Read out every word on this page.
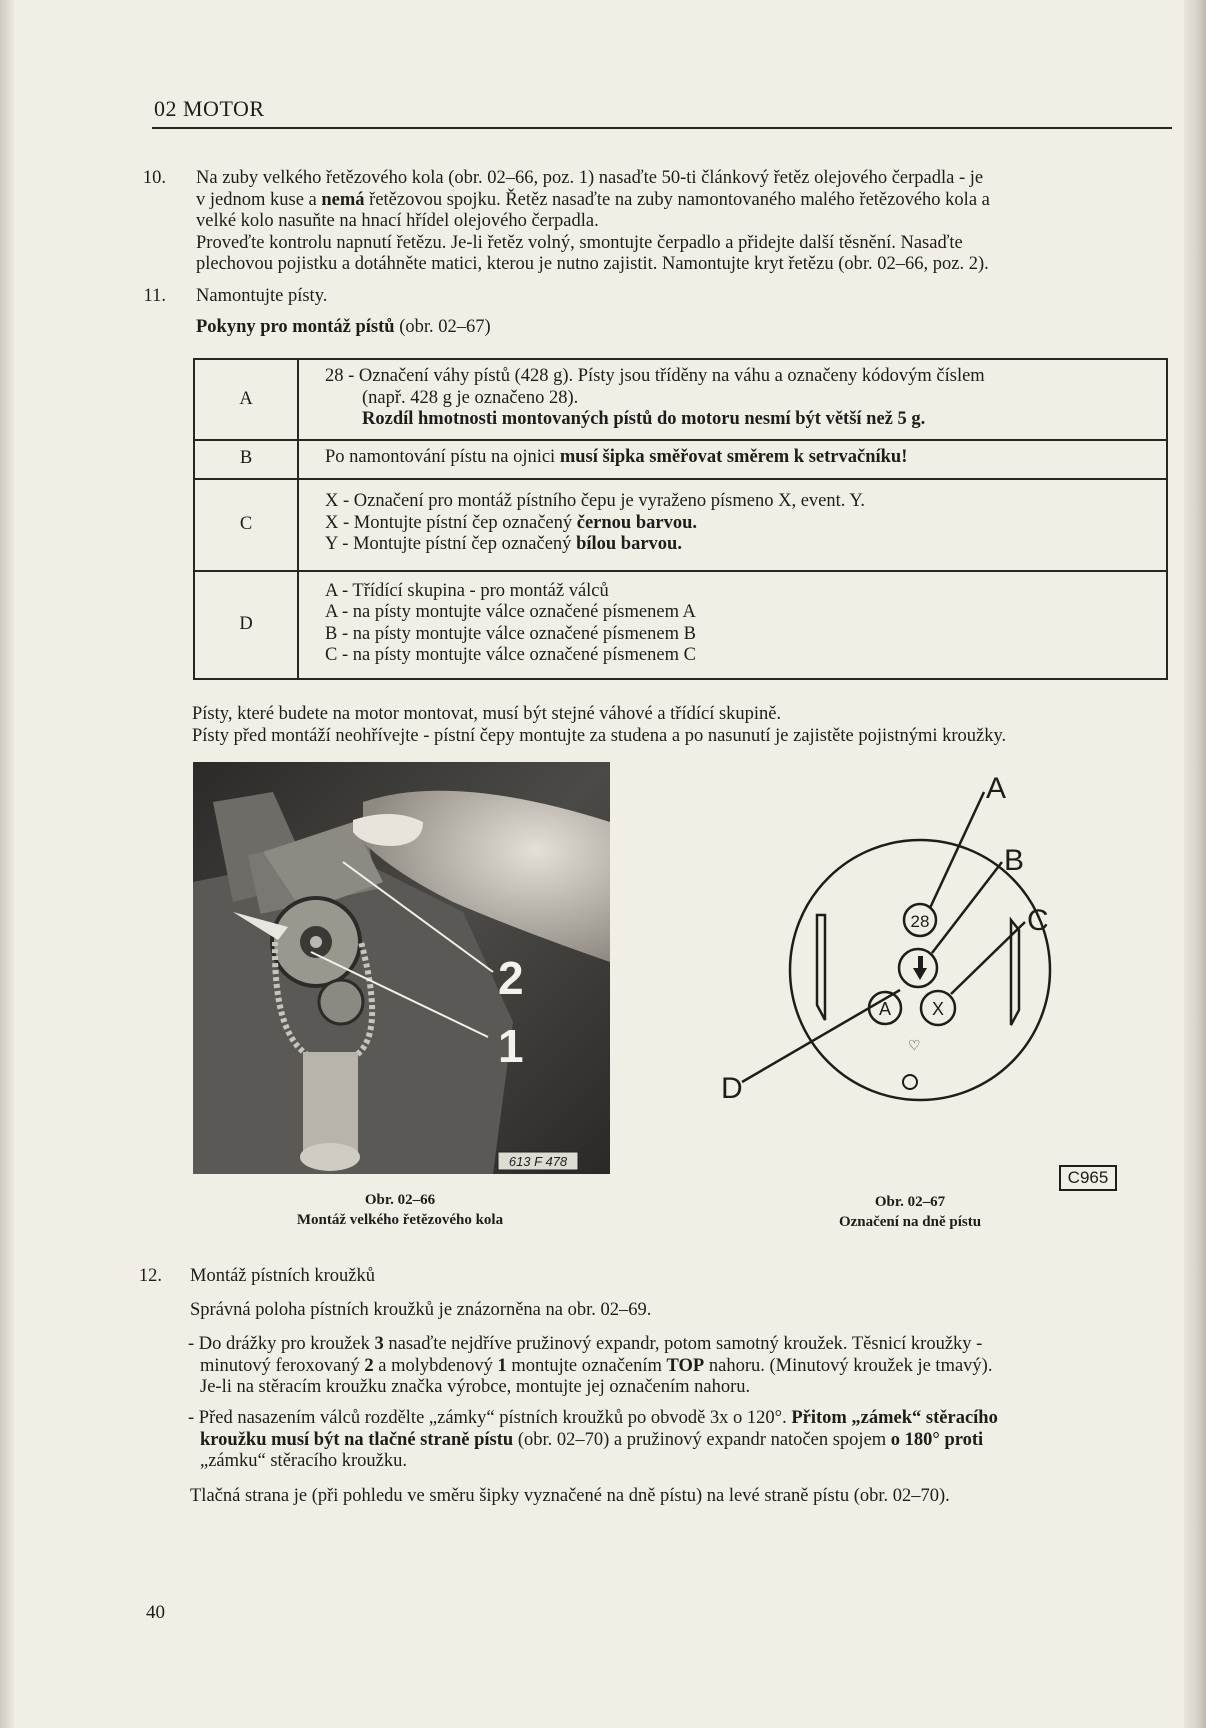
02 MOTOR
10. Na zuby velkého řetězového kola (obr. 02–66, poz. 1) nasaďte 50-ti článkový řetěz olejového čerpadla - je
v jednom kuse a nemá řetězovou spojku. Řetěz nasaďte na zuby namontovaného malého řetězového kola a
velké kolo nasuňte na hnací hřídel olejového čerpadla.
Proveďte kontrolu napnutí řetězu. Je-li řetěz volný, smontujte čerpadlo a přidejte další těsnění. Nasaďte
plechovou pojistku a dotáhněte matici, kterou je nutno zajistit. Namontujte kryt řetězu (obr. 02–66, poz. 2).
11. Namontujte písty.
Pokyny pro montáž pístů (obr. 02–67)
A	28 - Označení váhy pístů (428 g). Písty jsou tříděny na váhu a označeny kódovým číslem
(např. 428 g je označeno 28).
Rozdíl hmotnosti montovaných pístů do motoru nesmí být větší než 5 g.

B	Po namontování pístu na ojnici musí šipka směřovat směrem k setrvačníku!
C	X - Označení pro montáž pístního čepu je vyraženo písmeno X, event. Y.
X - Montujte pístní čep označený černou barvou.
Y - Montujte pístní čep označený bílou barvou.

D	A - Třídící skupina - pro montáž válců
A - na písty montujte válce označené písmenem A
B - na písty montujte válce označené písmenem B
C - na písty montujte válce označené písmenem C
Písty, které budete na motor montovat, musí být stejné váhové a třídící skupině.
Písty před montáží neohřívejte - pístní čepy montujte za studena a po nasunutí je zajistěte pojistnými kroužky.
2
1
613 F 478
28
A X
♡
A
B
C
D
C965
Obr. 02–66
Montáž velkého řetězového kola
Obr. 02–67
Označení na dně pístu
12. Montáž pístních kroužků
Správná poloha pístních kroužků je znázorněna na obr. 02–69.
- Do drážky pro kroužek 3 nasaďte nejdříve pružinový expandr, potom samotný kroužek. Těsnicí kroužky -
minutový feroxovaný 2 a molybdenový 1 montujte označením TOP nahoru. (Minutový kroužek je tmavý).
Je-li na stěracím kroužku značka výrobce, montujte jej označením nahoru.
- Před nasazením válců rozdělte „zámky“ pístních kroužků po obvodě 3x o 120°. Přitom „zámek“ stěracího
kroužku musí být na tlačné straně pístu (obr. 02–70) a pružinový expandr natočen spojem o 180° proti
„zámku“ stěracího kroužku.
Tlačná strana je (při pohledu ve směru šipky vyznačené na dně pístu) na levé straně pístu (obr. 02–70).
40
